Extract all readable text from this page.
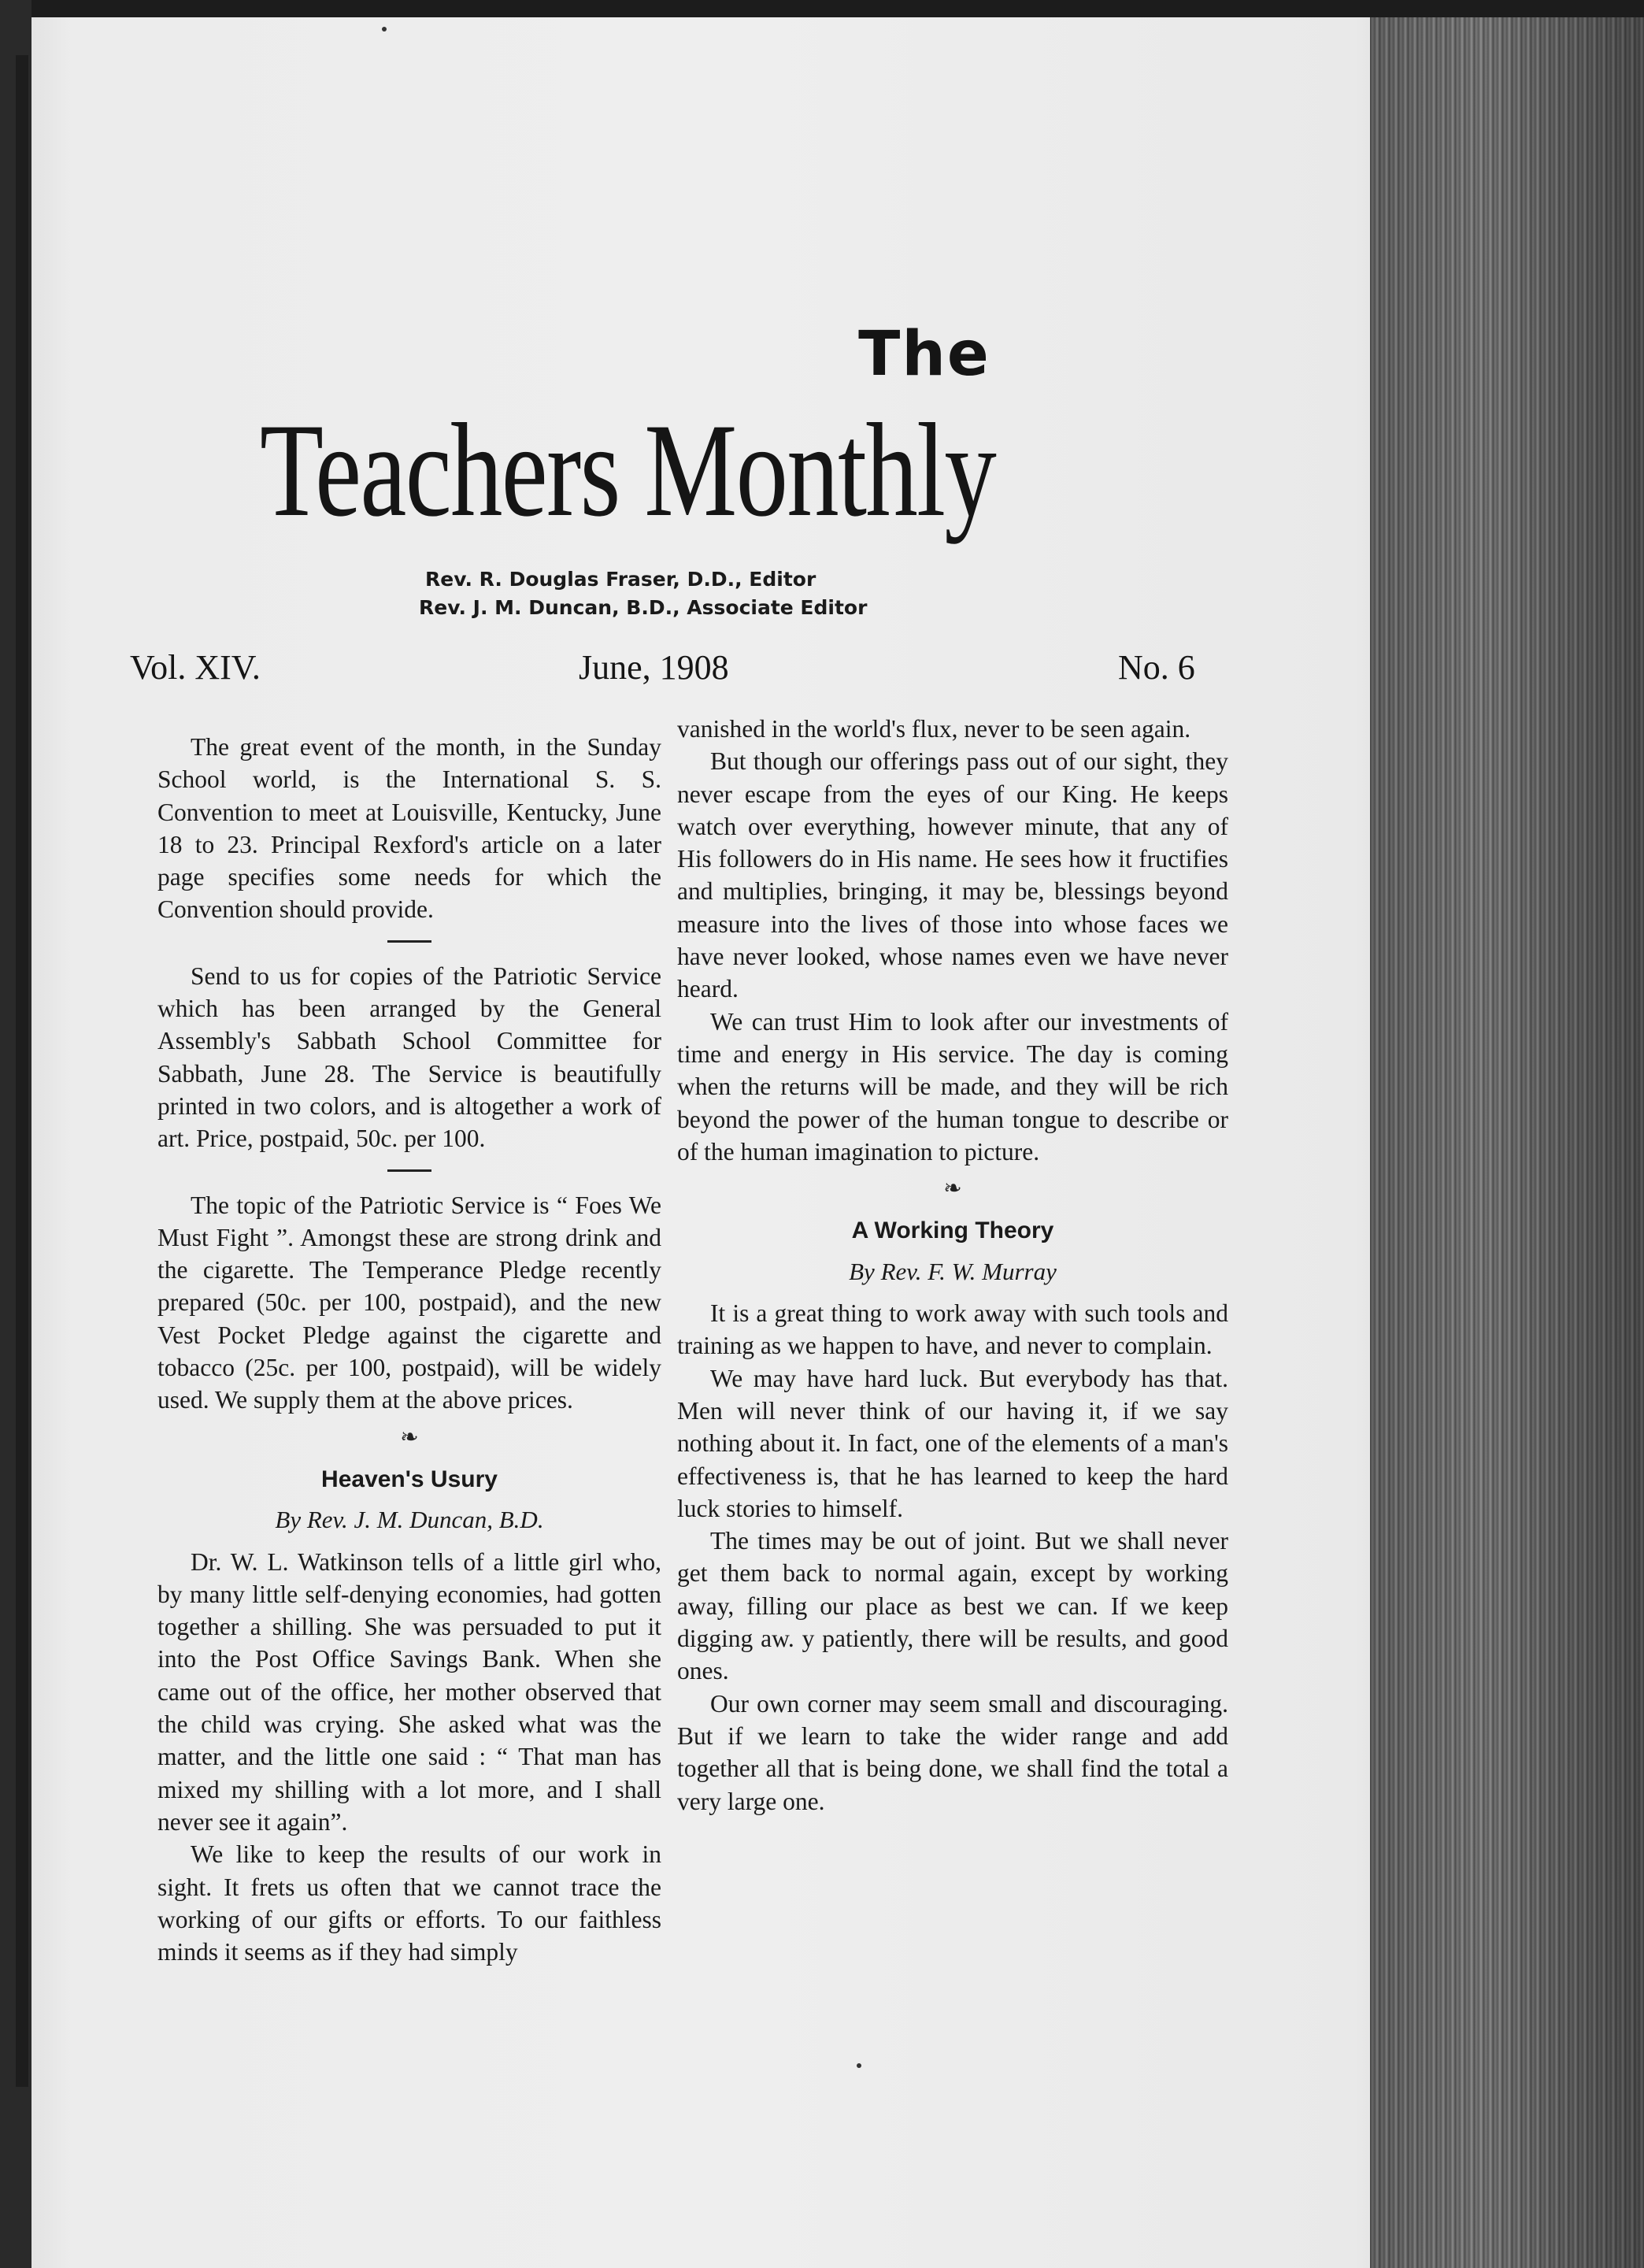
The
Teachers Monthly
Rev. R. Douglas Fraser, D.D., Editor
Rev. J. M. Duncan, B.D., Associate Editor
Vol. XIV.	June, 1908	No. 6

The great event of the month, in the Sunday School world, is the International S. S. Convention to meet at Louisville, Kentucky, June 18 to 23. Principal Rexford's article on a later page specifies some needs for which the Convention should provide.

Send to us for copies of the Patriotic Service which has been arranged by the General Assembly's Sabbath School Committee for Sabbath, June 28. The Service is beautifully printed in two colors, and is altogether a work of art. Price, postpaid, 50c. per 100.

The topic of the Patriotic Service is “ Foes We Must Fight ”. Amongst these are strong drink and the cigarette. The Temperance Pledge recently prepared (50c. per 100, postpaid), and the new Vest Pocket Pledge against the cigarette and tobacco (25c. per 100, postpaid), will be widely used. We supply them at the above prices.

❧
Heaven's Usury
By Rev. J. M. Duncan, B.D.

Dr. W. L. Watkinson tells of a little girl who, by many little self-denying economies, had gotten together a shilling. She was persuaded to put it into the Post Office Savings Bank. When she came out of the office, her mother observed that the child was crying. She asked what was the matter, and the little one said : “ That man has mixed my shilling with a lot more, and I shall never see it again”.

We like to keep the results of our work in sight. It frets us often that we cannot trace the working of our gifts or efforts. To our faithless minds it seems as if they had simply

vanished in the world's flux, never to be seen again.

But though our offerings pass out of our sight, they never escape from the eyes of our King. He keeps watch over everything, however minute, that any of His followers do in His name. He sees how it fructifies and multiplies, bringing, it may be, blessings beyond measure into the lives of those into whose faces we have never looked, whose names even we have never heard.

We can trust Him to look after our investments of time and energy in His service. The day is coming when the returns will be made, and they will be rich beyond the power of the human tongue to describe or of the human imagination to picture.

❧
A Working Theory
By Rev. F. W. Murray

It is a great thing to work away with such tools and training as we happen to have, and never to complain.

We may have hard luck. But everybody has that. Men will never think of our having it, if we say nothing about it. In fact, one of the elements of a man's effectiveness is, that he has learned to keep the hard luck stories to himself.

The times may be out of joint. But we shall never get them back to normal again, except by working away, filling our place as best we can. If we keep digging aw. y patiently, there will be results, and good ones.

Our own corner may seem small and discouraging. But if we learn to take the wider range and add together all that is being done, we shall find the total a very large one.
